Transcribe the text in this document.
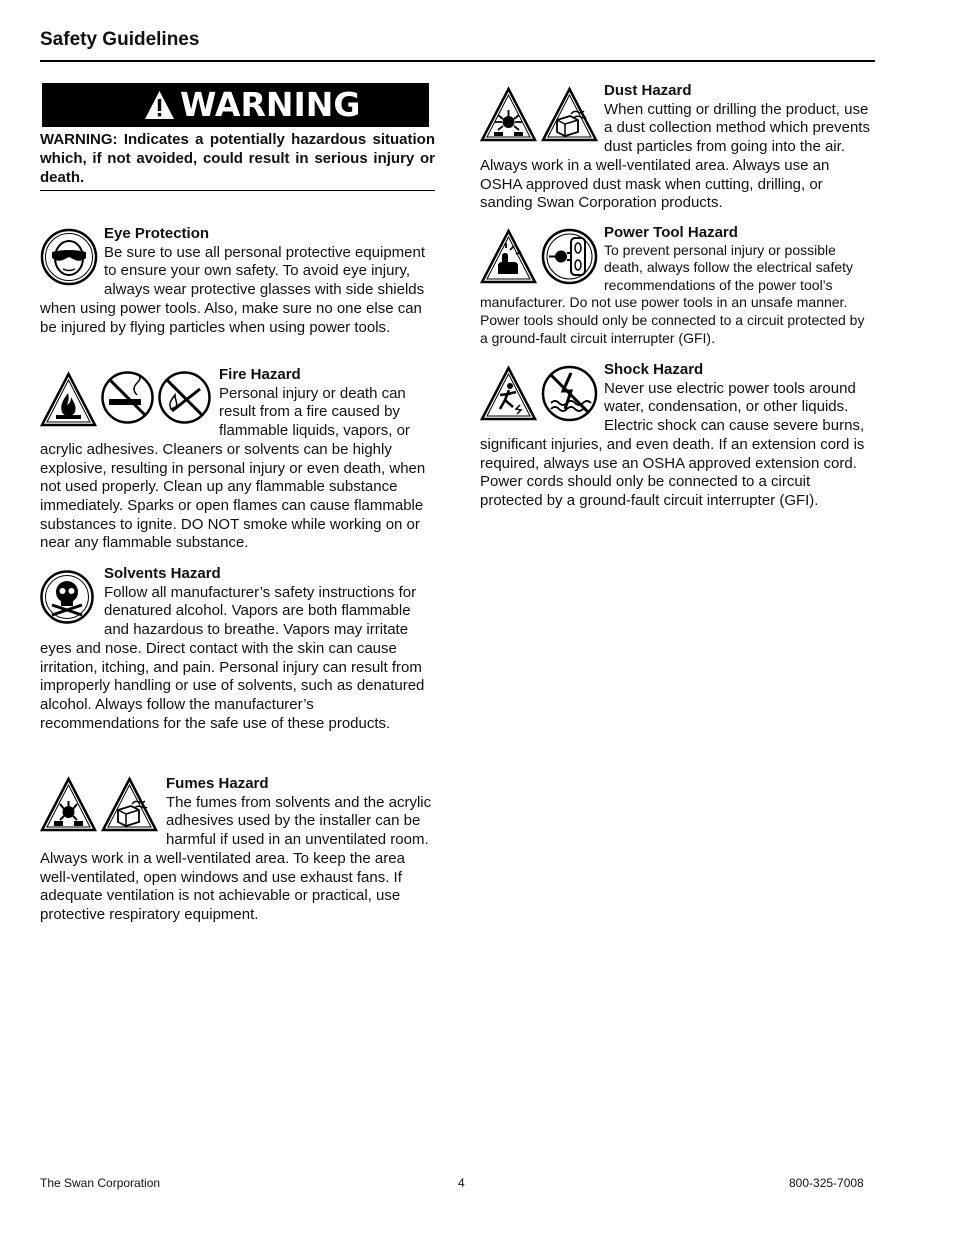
Safety Guidelines
WARNING

WARNING: Indicates a potentially hazardous situation which, if not avoided, could result in serious injury or death.

Eye Protection

Be sure to use all personal protective equipment to ensure your own safety. To avoid eye injury, always wear protective glasses with side shields when using power tools. Also, make sure no one else can be injured by flying particles when using power tools.

Fire Hazard

Personal injury or death can result from a fire caused by flammable liquids, vapors, or acrylic adhesives. Cleaners or solvents can be highly explosive, resulting in personal injury or even death, when not used properly. Clean up any flammable substance immediately. Sparks or open flames can cause flammable substances to ignite. DO NOT smoke while working on or near any flammable substance.

Solvents Hazard

Follow all manufacturer’s safety instructions for denatured alcohol. Vapors are both flammable and hazardous to breathe. Vapors may irritate eyes and nose. Direct contact with the skin can cause irritation, itching, and pain. Personal injury can result from improperly handling or use of solvents, such as denatured alcohol. Always follow the manufacturer’s recommendations for the safe use of these products.

Fumes Hazard

The fumes from solvents and the acrylic adhesives used by the installer can be harmful if used in an unventilated room. Always work in a well-ventilated area. To keep the area well-ventilated, open windows and use exhaust fans. If adequate ventilation is not achievable or practical, use protective respiratory equipment.

Dust Hazard

When cutting or drilling the product, use a dust collection method which prevents dust particles from going into the air. Always work in a well-ventilated area. Always use an OSHA approved dust mask when cutting, drilling, or sanding Swan Corporation products.

Power Tool Hazard

To prevent personal injury or possible death, always follow the electrical safety recommendations of the power tool’s manufacturer. Do not use power tools in an unsafe manner. Power tools should only be connected to a circuit protected by a ground-fault circuit interrupter (GFI).

Shock Hazard

Never use electric power tools around water, condensation, or other liquids. Electric shock can cause severe burns, significant injuries, and even death. If an extension cord is required, always use an OSHA approved extension cord. Power cords should only be connected to a circuit protected by a ground-fault circuit interrupter (GFI).

The Swan Corporation	4	800-325-7008
